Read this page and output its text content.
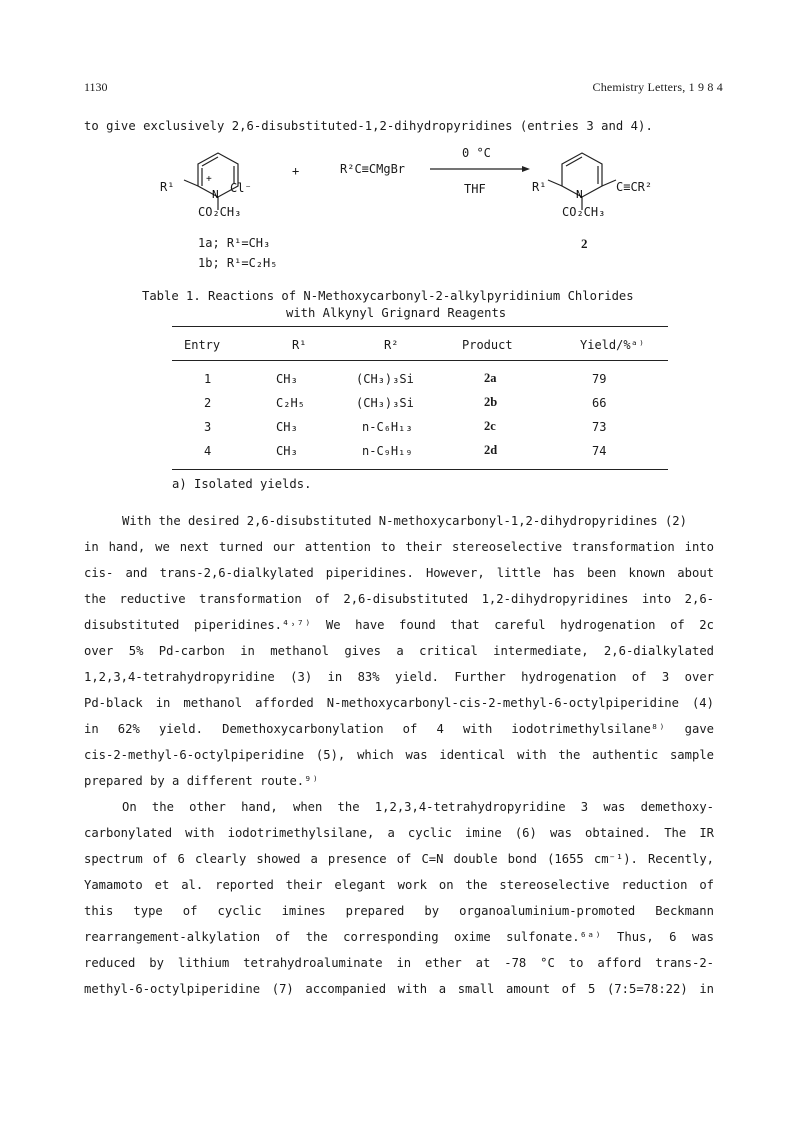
1130	Chemistry Letters, 1 9 8 4
to give exclusively 2,6-disubstituted-1,2-dihydropyridines (entries 3 and 4).
+
N	N
R¹	Cl⁻
CO₂CH₃
+	R²C≡CMgBr
0 °C
THF	R¹	C≡CR²
CO₂CH₃
1a; R¹=CH₃
1b; R¹=C₂H₅
2
Table 1. Reactions of N-Methoxycarbonyl-2-alkylpyridinium Chlorides
with Alkynyl Grignard Reagents
Entry	R¹	R²	Product	Yield/%ᵃ⁾
1	CH₃	(CH₃)₃Si	2a	79
2	C₂H₅	(CH₃)₃Si	2b	66
3	CH₃	n-C₆H₁₃	2c	73
4	CH₃	n-C₉H₁₉	2d	74
a) Isolated yields.
With the desired 2,6-disubstituted N-methoxycarbonyl-1,2-dihydropyridines (2)
in hand, we next turned our attention to their stereoselective transformation into
cis- and trans-2,6-dialkylated piperidines. However, little has been known about
the reductive transformation of 2,6-disubstituted 1,2-dihydropyridines into 2,6-
disubstituted piperidines.⁴˒⁷⁾ We have found that careful hydrogenation of 2c
over 5% Pd-carbon in methanol gives a critical intermediate, 2,6-dialkylated
1,2,3,4-tetrahydropyridine (3) in 83% yield. Further hydrogenation of 3 over
Pd-black in methanol afforded N-methoxycarbonyl-cis-2-methyl-6-octylpiperidine (4)
in 62% yield. Demethoxycarbonylation of 4 with iodotrimethylsilane⁸⁾ gave
cis-2-methyl-6-octylpiperidine (5), which was identical with the authentic sample
prepared by a different route.⁹⁾
On the other hand, when the 1,2,3,4-tetrahydropyridine 3 was demethoxy-
carbonylated with iodotrimethylsilane, a cyclic imine (6) was obtained. The IR
spectrum of 6 clearly showed a presence of C=N double bond (1655 cm⁻¹). Recently,
Yamamoto et al. reported their elegant work on the stereoselective reduction of
this type of cyclic imines prepared by organoaluminium-promoted Beckmann
rearrangement-alkylation of the corresponding oxime sulfonate.⁶ᵃ⁾ Thus, 6 was
reduced by lithium tetrahydroaluminate in ether at -78 °C to afford trans-2-
methyl-6-octylpiperidine (7) accompanied with a small amount of 5 (7:5=78:22) in
